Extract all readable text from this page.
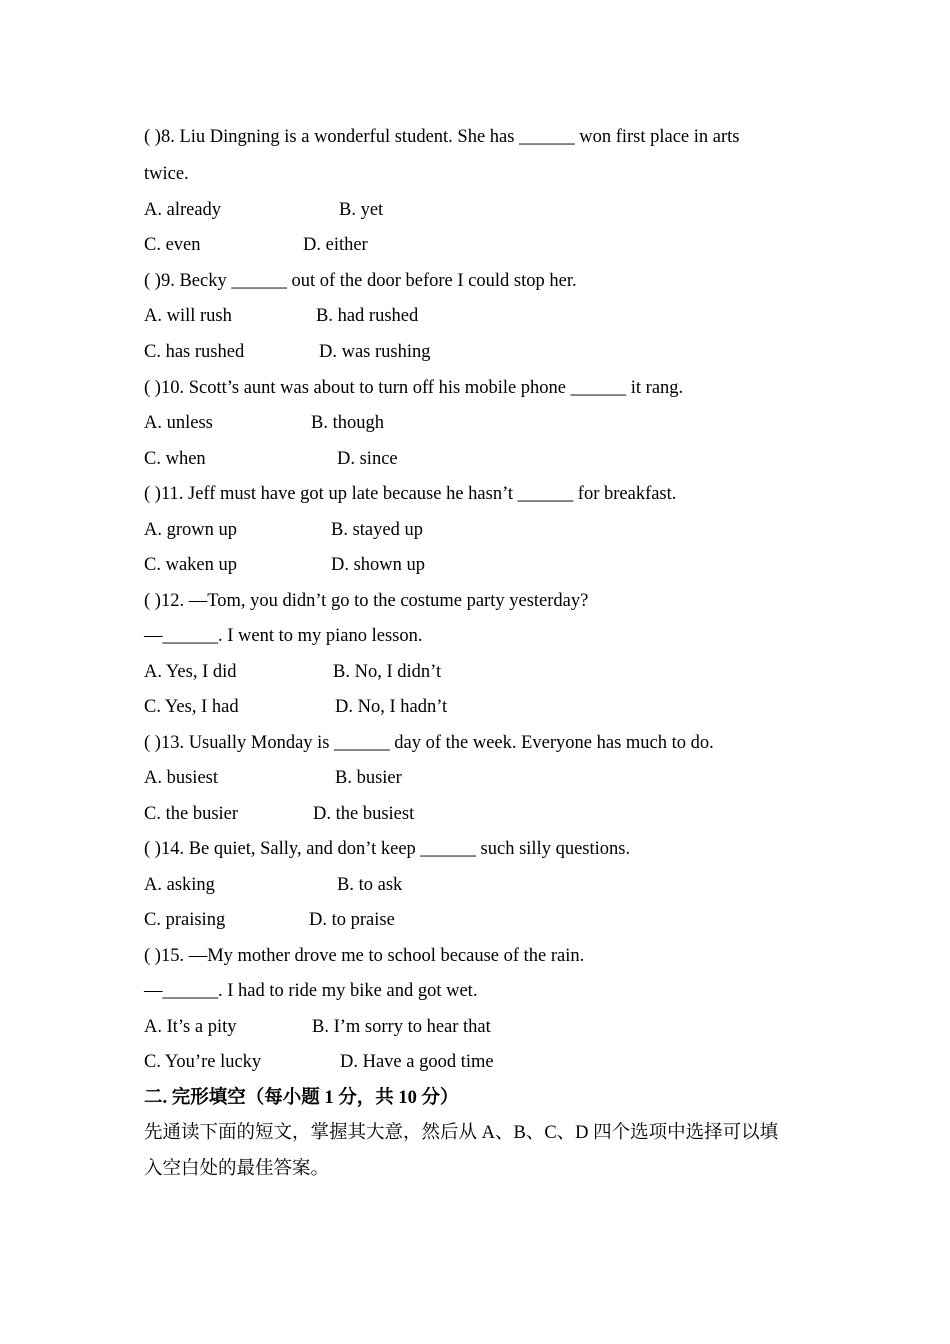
( )8. Liu Dingning is a wonderful student. She has ______ won first place in arts
twice.
A. already	B. yet
C. even	D. either
( )9. Becky ______ out of the door before I could stop her.
A. will rush	B. had rushed
C. has rushed	D. was rushing
( )10. Scott’s aunt was about to turn off his mobile phone ______ it rang.
A. unless	B. though
C. when	D. since
( )11. Jeff must have got up late because he hasn’t ______ for breakfast.
A. grown up	B. stayed up
C. waken up	D. shown up
( )12. —Tom, you didn’t go to the costume party yesterday?
—______. I went to my piano lesson.
A. Yes, I did	B. No, I didn’t
C. Yes, I had	D. No, I hadn’t
( )13. Usually Monday is ______ day of the week. Everyone has much to do.
A. busiest	B. busier
C. the busier	D. the busiest
( )14. Be quiet, Sally, and don’t keep ______ such silly questions.
A. asking	B. to ask
C. praising	D. to praise
( )15. —My mother drove me to school because of the rain.
—______. I had to ride my bike and got wet.
A. It’s a pity	B. I’m sorry to hear that
C. You’re lucky	D. Have a good time
二. 完形填空（每小题 1 分，共 10 分）
先通读下面的短文，掌握其大意，然后从 A、B、C、D 四个选项中选择可以填
入空白处的最佳答案。
